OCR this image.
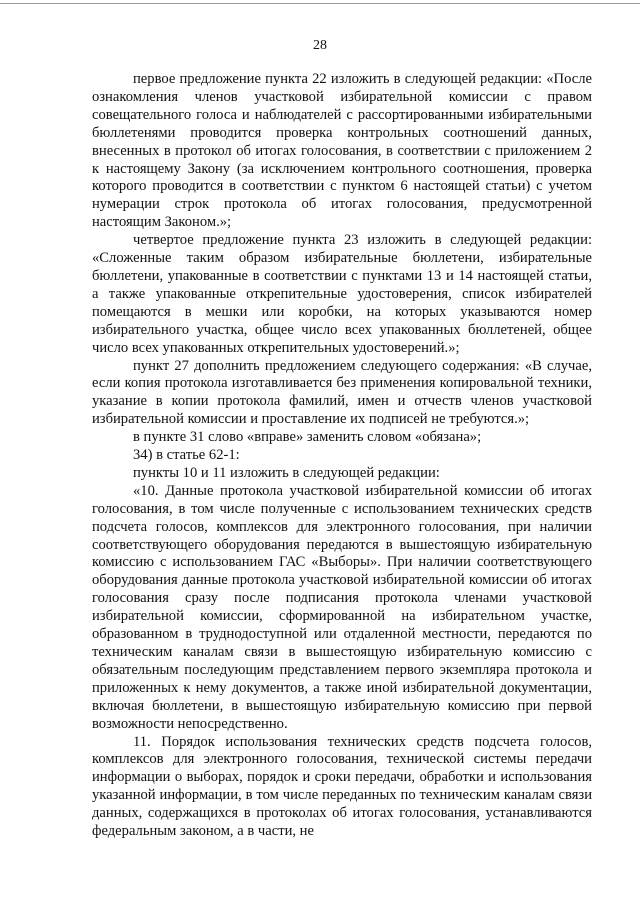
28

первое предложение пункта 22 изложить в следующей редакции: «После ознакомления членов участковой избирательной комиссии с правом совещательного голоса и наблюдателей с рассортированными избирательными бюллетенями проводится проверка контрольных соотношений данных, внесенных в протокол об итогах голосования, в соответствии с приложением 2 к настоящему Закону (за исключением контрольного соотношения, проверка которого проводится в соответствии с пунктом 6 настоящей статьи) с учетом нумерации строк протокола об итогах голосования, предусмотренной настоящим Законом.»;

четвертое предложение пункта 23 изложить в следующей редакции: «Сложенные таким образом избирательные бюллетени, избирательные бюллетени, упакованные в соответствии с пунктами 13 и 14 настоящей статьи, а также упакованные открепительные удостоверения, список избирателей помещаются в мешки или коробки, на которых указываются номер избирательного участка, общее число всех упакованных бюллетеней, общее число всех упакованных открепительных удостоверений.»;

пункт 27 дополнить предложением следующего содержания: «В случае, если копия протокола изготавливается без применения копировальной техники, указание в копии протокола фамилий, имен и отчеств членов участковой избирательной комиссии и проставление их подписей не требуются.»;

в пункте 31 слово «вправе» заменить словом «обязана»;

34) в статье 62-1:

пункты 10 и 11 изложить в следующей редакции:

«10. Данные протокола участковой избирательной комиссии об итогах голосования, в том числе полученные с использованием технических средств подсчета голосов, комплексов для электронного голосования, при наличии соответствующего оборудования передаются в вышестоящую избирательную комиссию с использованием ГАС «Выборы». При наличии соответствующего оборудования данные протокола участковой избирательной комиссии об итогах голосования сразу после подписания протокола членами участковой избирательной комиссии, сформированной на избирательном участке, образованном в труднодоступной или отдаленной местности, передаются по техническим каналам связи в вышестоящую избирательную комиссию с обязательным последующим представлением первого экземпляра протокола и приложенных к нему документов, а также иной избирательной документации, включая бюллетени, в вышестоящую избирательную комиссию при первой возможности непосредственно.

11. Порядок использования технических средств подсчета голосов, комплексов для электронного голосования, технической системы передачи информации о выборах, порядок и сроки передачи, обработки и использования указанной информации, в том числе переданных по техническим каналам связи данных, содержащихся в протоколах об итогах голосования, устанавливаются федеральным законом, а в части, не
